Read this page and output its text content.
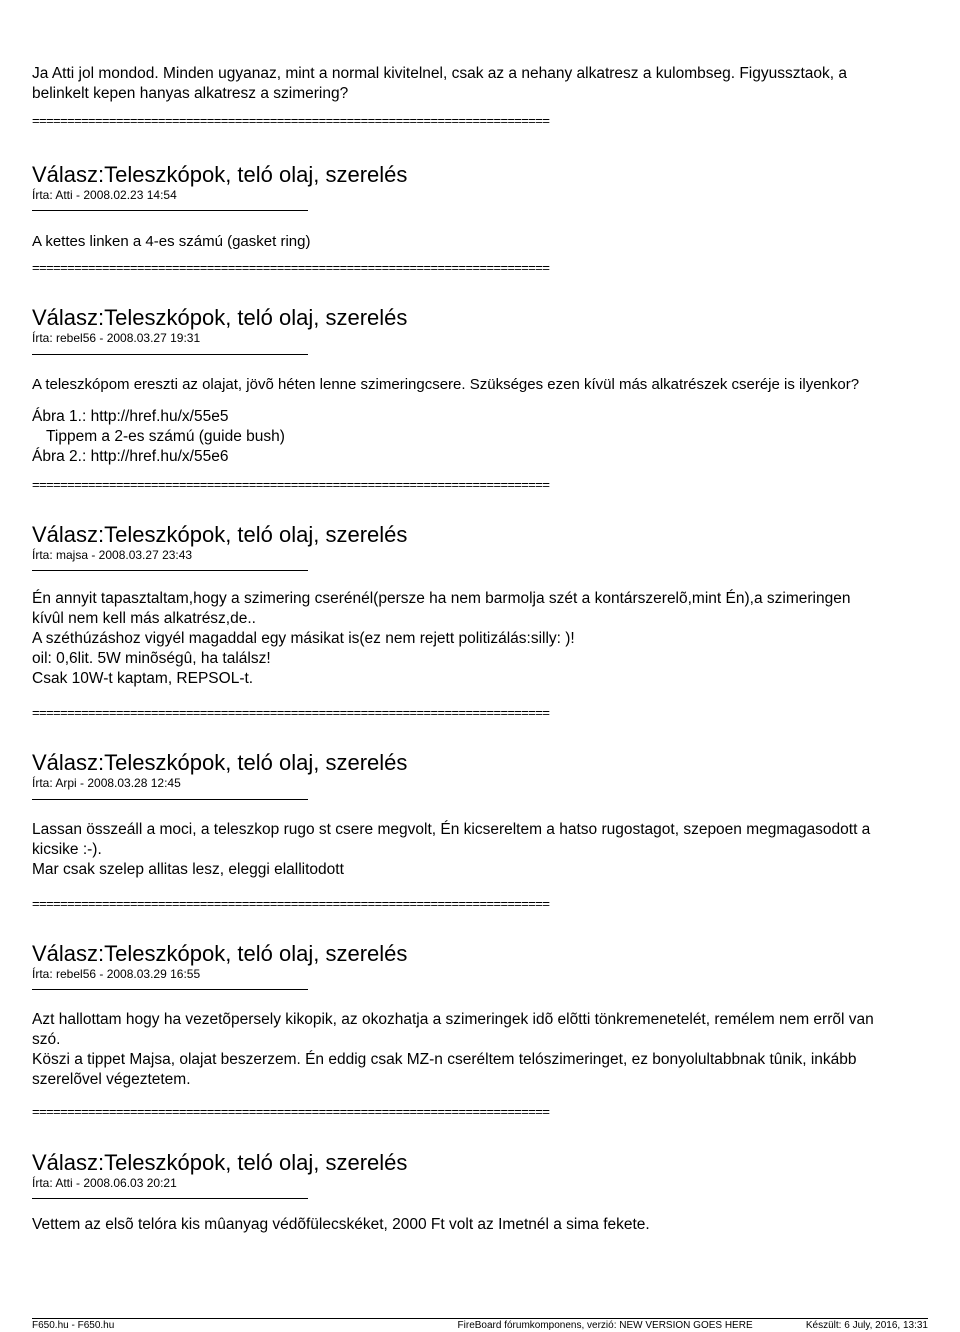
Ja Atti jol mondod. Minden ugyanaz, mint a normal kivitelnel, csak az a nehany alkatresz a kulombseg. Figyussztaok, a

belinkelt kepen hanyas alkatresz a szimering?

==========================================================================

Válasz:Teleszkópok, teló olaj, szerelés

Írta: Atti - 2008.02.23 14:54

A kettes linken a 4-es számú (gasket ring)

==========================================================================

Válasz:Teleszkópok, teló olaj, szerelés

Írta: rebel56 - 2008.03.27 19:31

A teleszkópom ereszti az olajat, jövõ héten lenne szimeringcsere. Szükséges ezen kívül más alkatrészek cseréje is ilyenkor?

Ábra 1.: http://href.hu/x/55e5

Tippem a 2-es számú (guide bush)

Ábra 2.: http://href.hu/x/55e6

==========================================================================

Válasz:Teleszkópok, teló olaj, szerelés

Írta: majsa - 2008.03.27 23:43

Én annyit tapasztaltam,hogy a szimering cserénél(persze ha nem barmolja szét a kontárszerelõ,mint Én),a szimeringen

kívûl nem kell más alkatrész,de..

A széthúzáshoz vigyél magaddal egy másikat is(ez nem rejett politizálás:silly: )!

oil: 0,6lit. 5W minõségû, ha találsz!

Csak 10W-t kaptam, REPSOL-t.

==========================================================================

Válasz:Teleszkópok, teló olaj, szerelés

Írta: Arpi - 2008.03.28 12:45

Lassan összeáll a moci, a teleszkop rugo st csere megvolt, Én kicsereltem a hatso rugostagot, szepoen megmagasodott a

kicsike :-).

Mar csak szelep allitas lesz, eleggi elallitodott

==========================================================================

Válasz:Teleszkópok, teló olaj, szerelés

Írta: rebel56 - 2008.03.29 16:55

Azt hallottam hogy ha vezetõpersely kikopik, az okozhatja a szimeringek idõ elõtti tönkremenetelét, remélem nem errõl van

szó.

Köszi a tippet Majsa, olajat beszerzem. Én eddig csak MZ-n cseréltem telószimeringet, ez bonyolultabbnak tûnik, inkább

szerelõvel végeztetem.

==========================================================================

Válasz:Teleszkópok, teló olaj, szerelés

Írta: Atti - 2008.06.03 20:21

Vettem az elsõ telóra kis mûanyag védõfülecskéket, 2000 Ft volt az Imetnél a sima fekete.

F650.hu - F650.hu	FireBoard fórumkomponens, verzió: NEW VERSION GOES HERE	Készült: 6 July, 2016, 13:31
